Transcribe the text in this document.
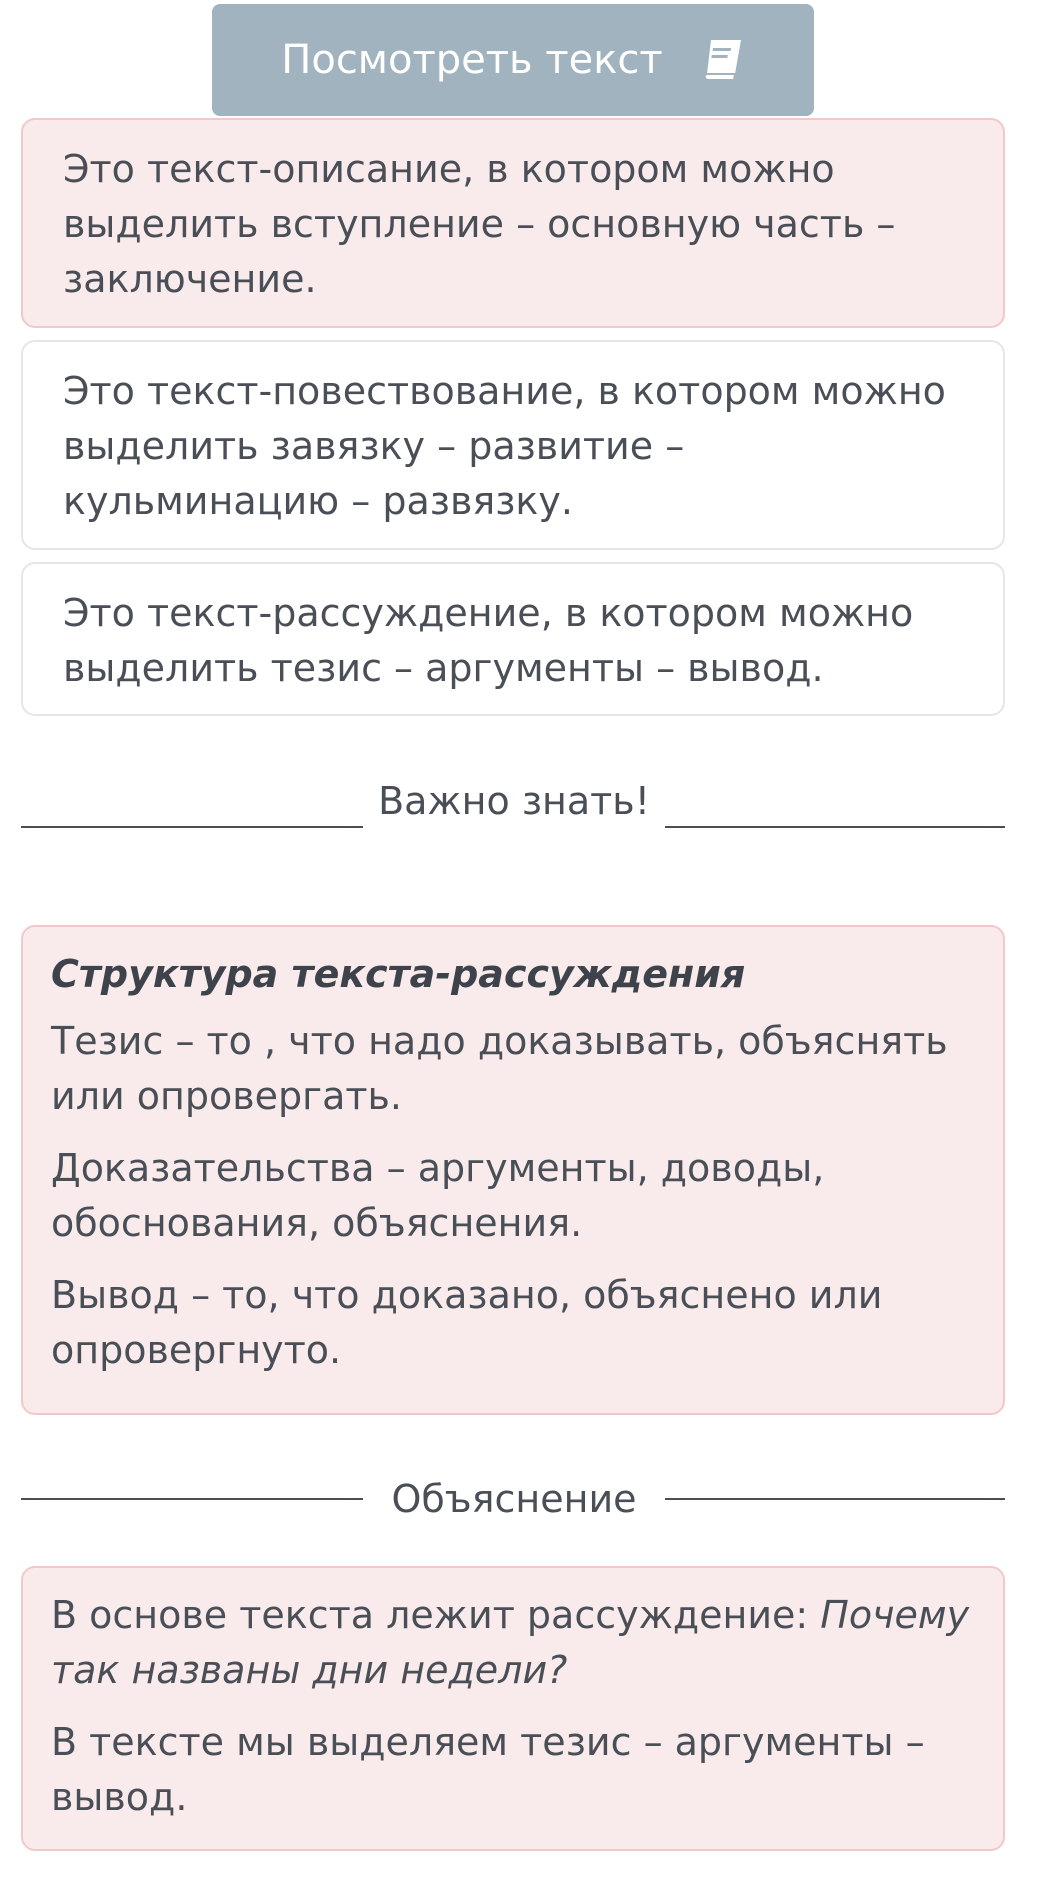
Посмотреть текст
Это текст-описание, в котором можно выделить вступление – основную часть – заключение.
Это текст-повествование, в котором можно выделить завязку – развитие – кульминацию – развязку.
Это текст-рассуждение, в котором можно выделить тезис – аргументы – вывод.
Важно знать!

Структура текста-рассуждения

Тезис – то , что надо доказывать, объяснять или опровергать.

Доказательства – аргументы, доводы, обоснования, объяснения.

Вывод – то, что доказано, объяснено или опровергнуто.

Объяснение

В основе текста лежит рассуждение: Почему так названы дни недели?

В тексте мы выделяем тезис – аргументы – вывод.
